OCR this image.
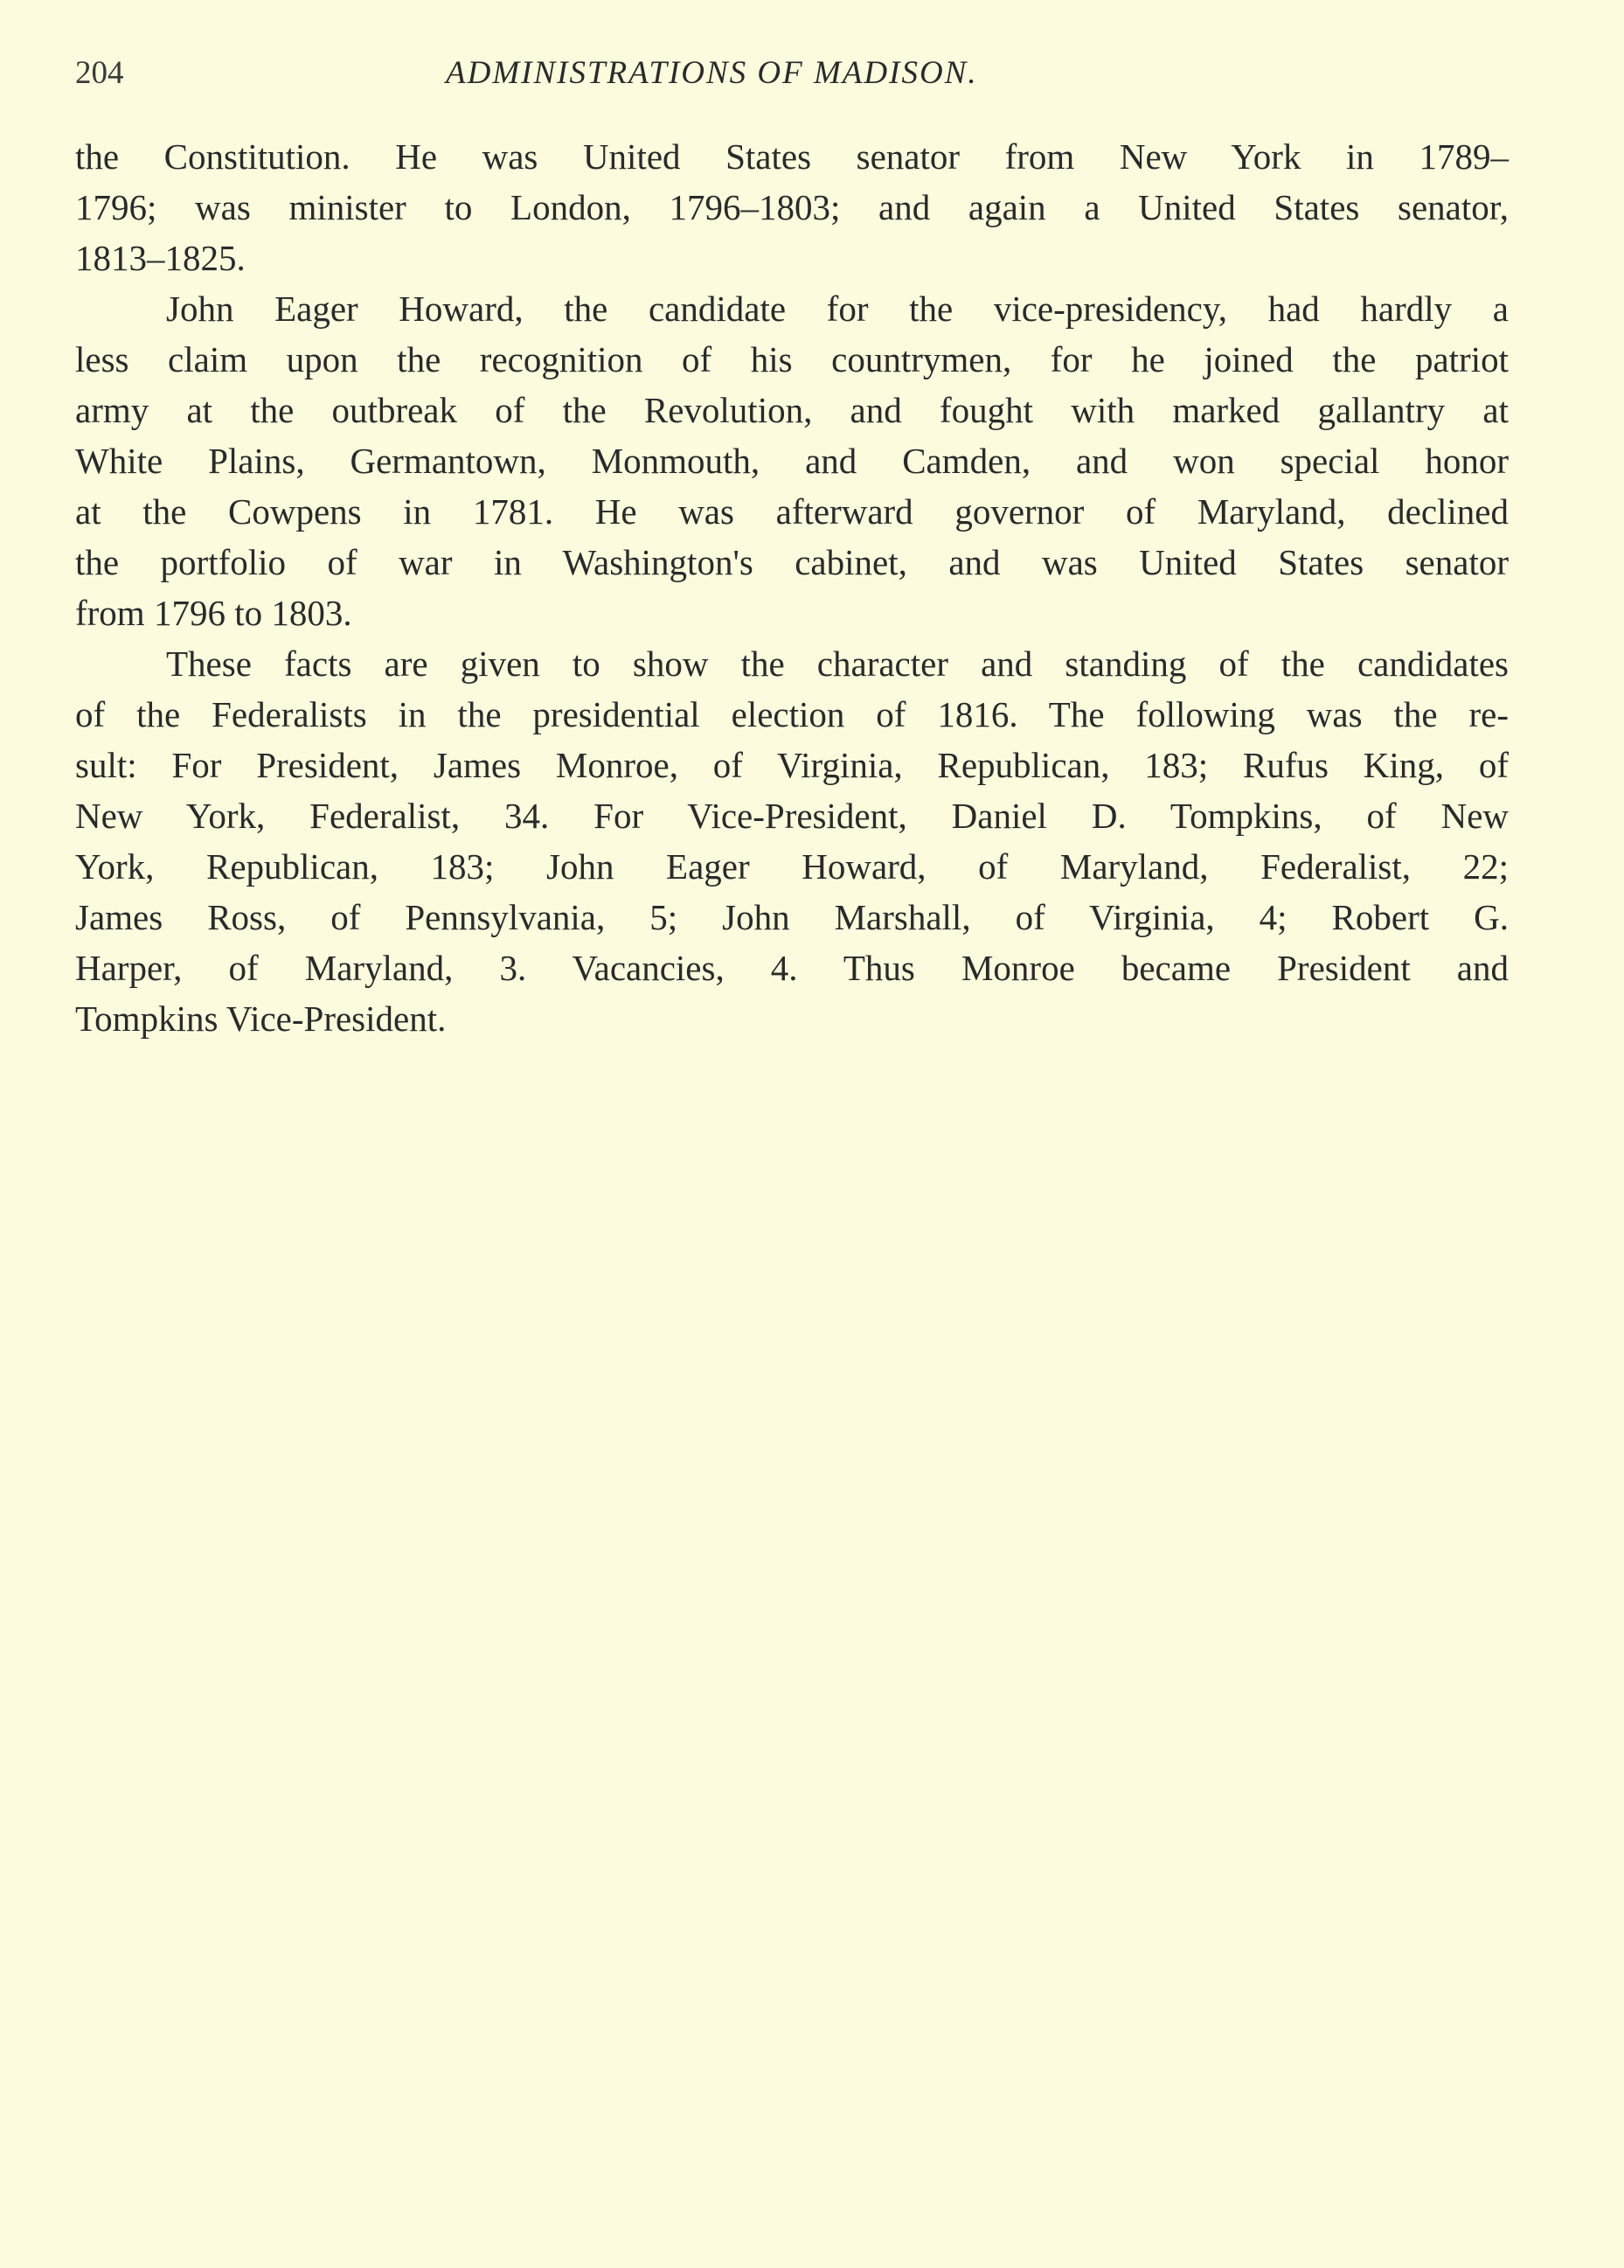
204	ADMINISTRATIONS OF MADISON.
the Constitution. He was United States senator from New York in 1789–
1796; was minister to London, 1796–1803; and again a United States senator,
1813–1825.
John Eager Howard, the candidate for the vice-presidency, had hardly a
less claim upon the recognition of his countrymen, for he joined the patriot
army at the outbreak of the Revolution, and fought with marked gallantry at
White Plains, Germantown, Monmouth, and Camden, and won special honor
at the Cowpens in 1781. He was afterward governor of Maryland, declined
the portfolio of war in Washington's cabinet, and was United States senator
from 1796 to 1803.
These facts are given to show the character and standing of the candidates
of the Federalists in the presidential election of 1816. The following was the re-
sult: For President, James Monroe, of Virginia, Republican, 183; Rufus King, of
New York, Federalist, 34. For Vice-President, Daniel D. Tompkins, of New
York, Republican, 183; John Eager Howard, of Maryland, Federalist, 22;
James Ross, of Pennsylvania, 5; John Marshall, of Virginia, 4; Robert G.
Harper, of Maryland, 3. Vacancies, 4. Thus Monroe became President and
Tompkins Vice-President.
